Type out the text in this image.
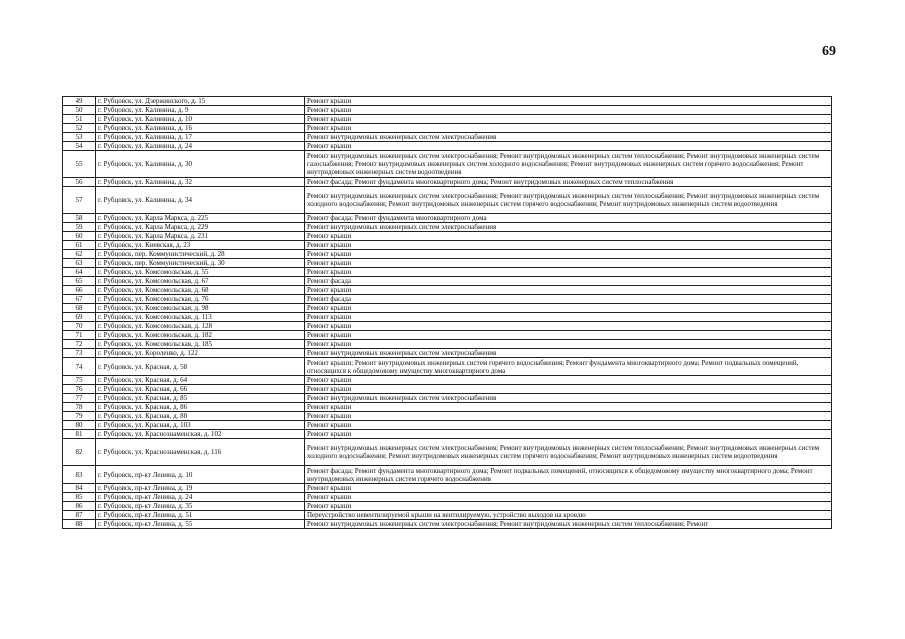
69
49	г. Рубцовск, ул. Дзержинского, д. 15	Ремонт крыши
50	г. Рубцовск, ул. Калинина, д. 9	Ремонт крыши
51	г. Рубцовск, ул. Калинина, д. 10	Ремонт крыши
52	г. Рубцовск, ул. Калинина, д. 16	Ремонт крыши
53	г. Рубцовск, ул. Калинина, д. 17	Ремонт внутридомовых инженерных систем электроснабжения
54	г. Рубцовск, ул. Калинина, д. 24	Ремонт крыши
55	г. Рубцовск, ул. Калинина, д. 30	Ремонт внутридомовых инженерных систем электроснабжения; Ремонт внутридомовых инженерных систем теплоснабжения; Ремонт внутридомовых инженерных систем газоснабжения; Ремонт внутридомовых инженерных систем холодного водоснабжения; Ремонт внутридомовых инженерных систем горячего водоснабжения; Ремонт внутридомовых инженерных систем водоотведения
56	г. Рубцовск, ул. Калинина, д. 32	Ремонт фасада; Ремонт фундамента многоквартирного дома; Ремонт внутридомовых инженерных систем теплоснабжения
57	г. Рубцовск, ул. Калинина, д. 34	Ремонт внутридомовых инженерных систем электроснабжения; Ремонт внутридомовых инженерных систем теплоснабжения; Ремонт внутридомовых инженерных систем холодного водоснабжения; Ремонт внутридомовых инженерных систем горячего водоснабжения; Ремонт внутридомовых инженерных систем водоотведения
58	г. Рубцовск, ул. Карла Маркса, д. 225	Ремонт фасада; Ремонт фундамента многоквартирного дома
59	г. Рубцовск, ул. Карла Маркса, д. 229	Ремонт внутридомовых инженерных систем электроснабжения
60	г. Рубцовск, ул. Карла Маркса, д. 231	Ремонт крыши
61	г. Рубцовск, ул. Киевская, д. 23	Ремонт крыши
62	г. Рубцовск, пер. Коммунистический, д. 28	Ремонт крыши
63	г. Рубцовск, пер. Коммунистический, д. 30	Ремонт крыши
64	г. Рубцовск, ул. Комсомольская, д. 55	Ремонт крыши
65	г. Рубцовск, ул. Комсомольская, д. 67	Ремонт фасада
66	г. Рубцовск, ул. Комсомольская, д. 68	Ремонт крыши
67	г. Рубцовск, ул. Комсомольская, д. 76	Ремонт фасада
68	г. Рубцовск, ул. Комсомольская, д. 98	Ремонт крыши
69	г. Рубцовск, ул. Комсомольская, д. 113	Ремонт крыши
70	г. Рубцовск, ул. Комсомольская, д. 128	Ремонт крыши
71	г. Рубцовск, ул. Комсомольская, д. 182	Ремонт крыши
72	г. Рубцовск, ул. Комсомольская, д. 185	Ремонт крыши
73	г. Рубцовск, ул. Короленко, д. 122	Ремонт внутридомовых инженерных систем электроснабжения
74	г. Рубцовск, ул. Красная, д. 58	Ремонт крыши; Ремонт внутридомовых инженерных систем горячего водоснабжения; Ремонт фундамента многоквартирного дома; Ремонт подвальных помещений, относящихся к общедомовому имуществу многоквартирного дома
75	г. Рубцовск, ул. Красная, д. 64	Ремонт крыши
76	г. Рубцовск, ул. Красная, д. 66	Ремонт крыши
77	г. Рубцовск, ул. Красная, д. 85	Ремонт внутридомовых инженерных систем электроснабжения
78	г. Рубцовск, ул. Красная, д. 86	Ремонт крыши
79	г. Рубцовск, ул. Красная, д. 88	Ремонт крыши
80	г. Рубцовск, ул. Красная, д. 103	Ремонт крыши
81	г. Рубцовск, ул. Краснознаменская, д. 102	Ремонт крыши
82	г. Рубцовск, ул. Краснознаменская, д. 116	Ремонт внутридомовых инженерных систем электроснабжения; Ремонт внутридомовых инженерных систем теплоснабжения; Ремонт внутридомовых инженерных систем холодного водоснабжения; Ремонт внутридомовых инженерных систем горячего водоснабжения; Ремонт внутридомовых инженерных систем водоотведения
83	г. Рубцовск, пр-кт Ленина, д. 10	Ремонт фасада; Ремонт фундамента многоквартирного дома; Ремонт подвальных помещений, относящихся к общедомовому имуществу многоквартирного дома; Ремонт внутридомовых инженерных систем горячего водоснабжения
84	г. Рубцовск, пр-кт Ленина, д. 19	Ремонт крыши
85	г. Рубцовск, пр-кт Ленина, д. 24	Ремонт крыши
86	г. Рубцовск, пр-кт Ленина, д. 35	Ремонт крыши
87	г. Рубцовск, пр-кт Ленина, д. 51	Переустройство невентилируемой крыши на вентилируемую, устройство выходов на кровлю
88	г. Рубцовск, пр-кт Ленина, д. 55	Ремонт внутридомовых инженерных систем электроснабжения; Ремонт внутридомовых инженерных систем теплоснабжения; Ремонт
